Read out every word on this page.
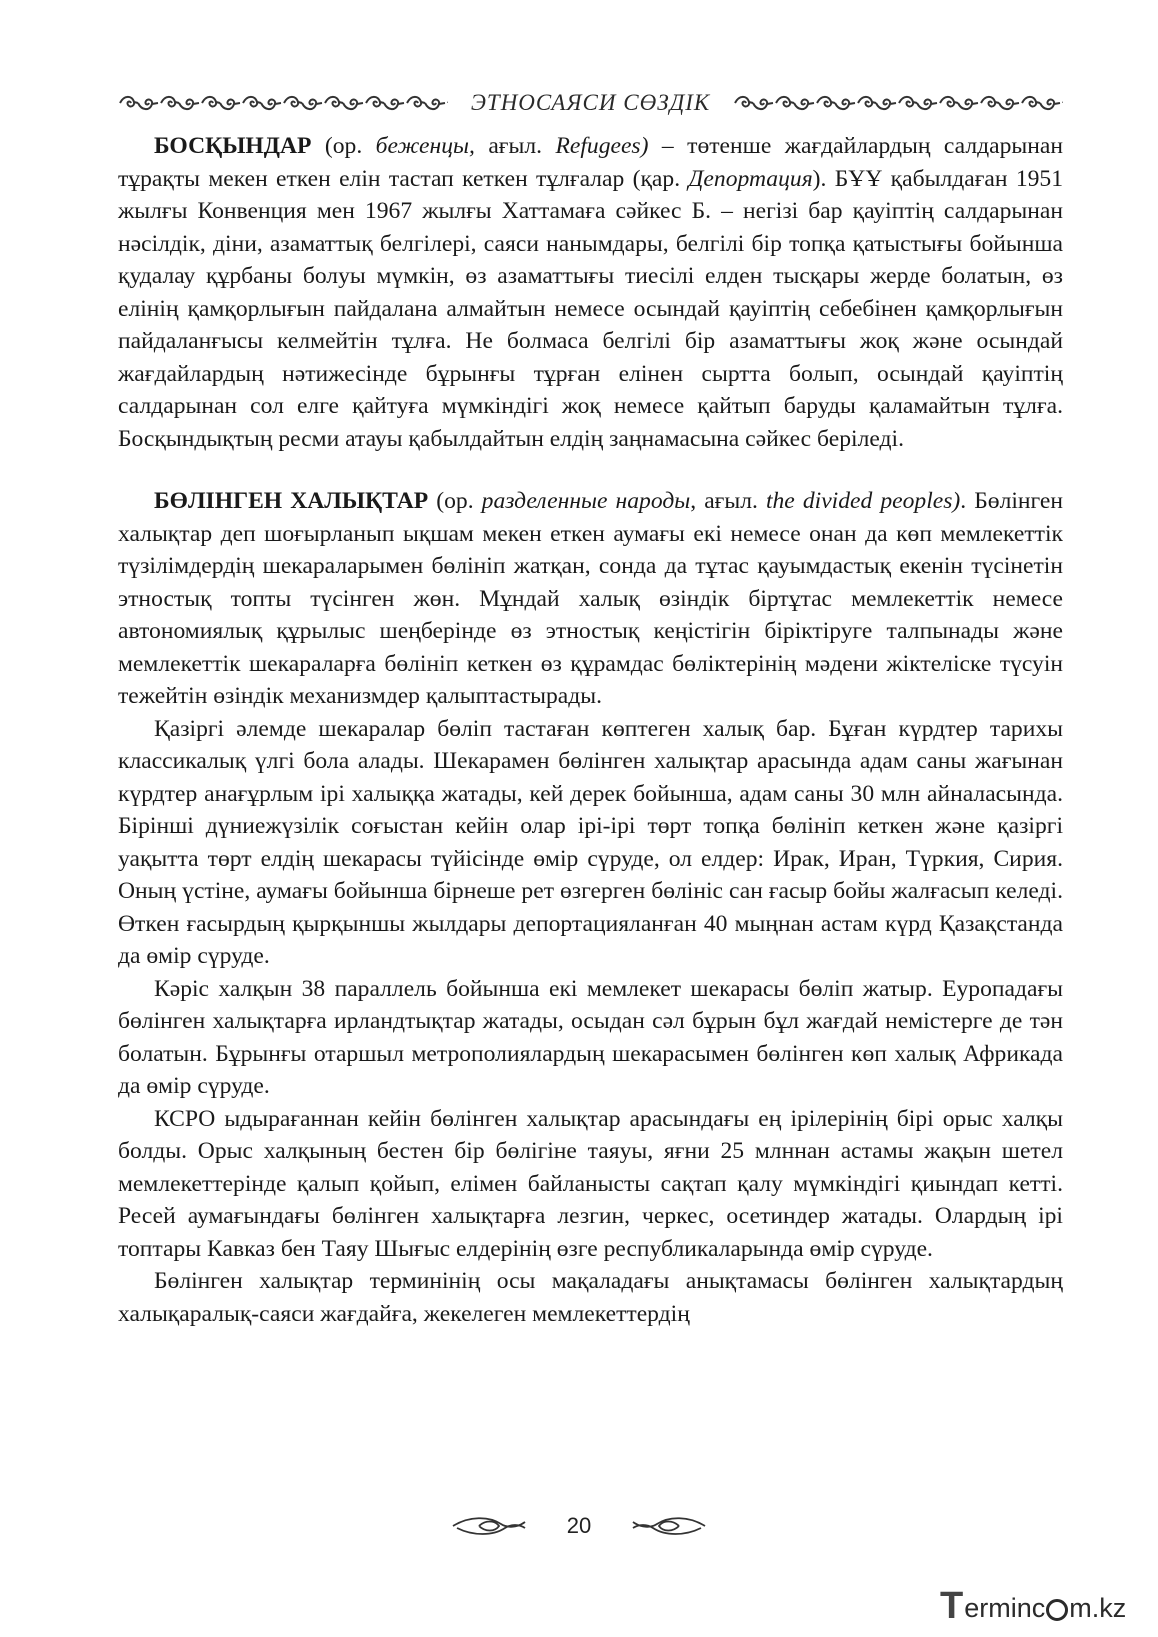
ЭТНОСАЯСИ СӨЗДІК

БОСҚЫНДАР (ор. беженцы, ағыл. Refugees) – төтенше жағдайлардың салдарынан тұрақты мекен еткен елін тастап кеткен тұлғалар (қар. Депортация). БҰҰ қабылдаған 1951 жылғы Конвенция мен 1967 жылғы Хаттамаға сәйкес Б. – негізі бар қауіптің салдарынан нәсілдік, діни, азаматтық белгілері, саяси нанымдары, белгілі бір топқа қатыстығы бойынша қудалау құрбаны болуы мүмкін, өз азаматтығы тиесілі елден тысқары жерде болатын, өз елінің қамқорлығын пайдалана алмайтын немесе осындай қауіптің себебінен қамқорлығын пайдаланғысы келмейтін тұлға. Не болмаса белгілі бір азаматтығы жоқ және осындай жағдайлардың нәтижесінде бұрынғы тұрған елінен сыртта болып, осындай қауіптің салдарынан сол елге қайтуға мүмкіндігі жоқ немесе қайтып баруды қаламайтын тұлға. Босқындықтың ресми атауы қабылдайтын елдің заңнамасына сәйкес беріледі.

БӨЛІНГЕН ХАЛЫҚТАР (ор. разделенные народы, ағыл. the divided peoples). Бөлінген халықтар деп шоғырланып ықшам мекен еткен аумағы екі немесе онан да көп мемлекеттік түзілімдердің шекараларымен бөлініп жатқан, сонда да тұтас қауымдастық екенін түсінетін этностық топты түсінген жөн. Мұндай халық өзіндік біртұтас мемлекеттік немесе автономиялық құрылыс шеңберінде өз этностық кеңістігін біріктіруге талпынады және мемлекеттік шекараларға бөлініп кеткен өз құрамдас бөліктерінің мәдени жіктеліске түсуін тежейтін өзіндік механизмдер қалыптастырады.

Қазіргі әлемде шекаралар бөліп тастаған көптеген халық бар. Бұған күрдтер тарихы классикалық үлгі бола алады. Шекарамен бөлінген халықтар арасында адам саны жағынан күрдтер анағұрлым ірі халыққа жатады, кей дерек бойынша, адам саны 30 млн айналасында. Бірінші дүниежүзілік соғыстан кейін олар ірі-ірі төрт топқа бөлініп кеткен және қазіргі уақытта төрт елдің шекарасы түйісінде өмір сүруде, ол елдер: Ирак, Иран, Түркия, Сирия. Оның үстіне, аумағы бойынша бірнеше рет өзгерген бөлініс сан ғасыр бойы жалғасып келеді. Өткен ғасырдың қырқыншы жылдары депортацияланған 40 мыңнан астам күрд Қазақстанда да өмір сүруде.

Кәріс халқын 38 параллель бойынша екі мемлекет шекарасы бөліп жатыр. Еуропадағы бөлінген халықтарға ирландтықтар жатады, осыдан сәл бұрын бұл жағдай немістерге де тән болатын. Бұрынғы отаршыл метрополиялардың шекарасымен бөлінген көп халық Африкада да өмір сүруде.

КСРО ыдырағаннан кейін бөлінген халықтар арасындағы ең ірілерінің бірі орыс халқы болды. Орыс халқының бестен бір бөлігіне таяуы, яғни 25 млннан астамы жақын шетел мемлекеттерінде қалып қойып, елімен байланысты сақтап қалу мүмкіндігі қиындап кетті. Ресей аумағындағы бөлінген халықтарға лезгин, черкес, осетиндер жатады. Олардың ірі топтары Кавказ бен Таяу Шығыс елдерінің өзге республикаларында өмір сүруде.

Бөлінген халықтар терминінің осы мақаладағы анықтамасы бөлінген халықтардың халықаралық-саяси жағдайға, жекелеген мемлекеттердің

20
T erminc m.kz
